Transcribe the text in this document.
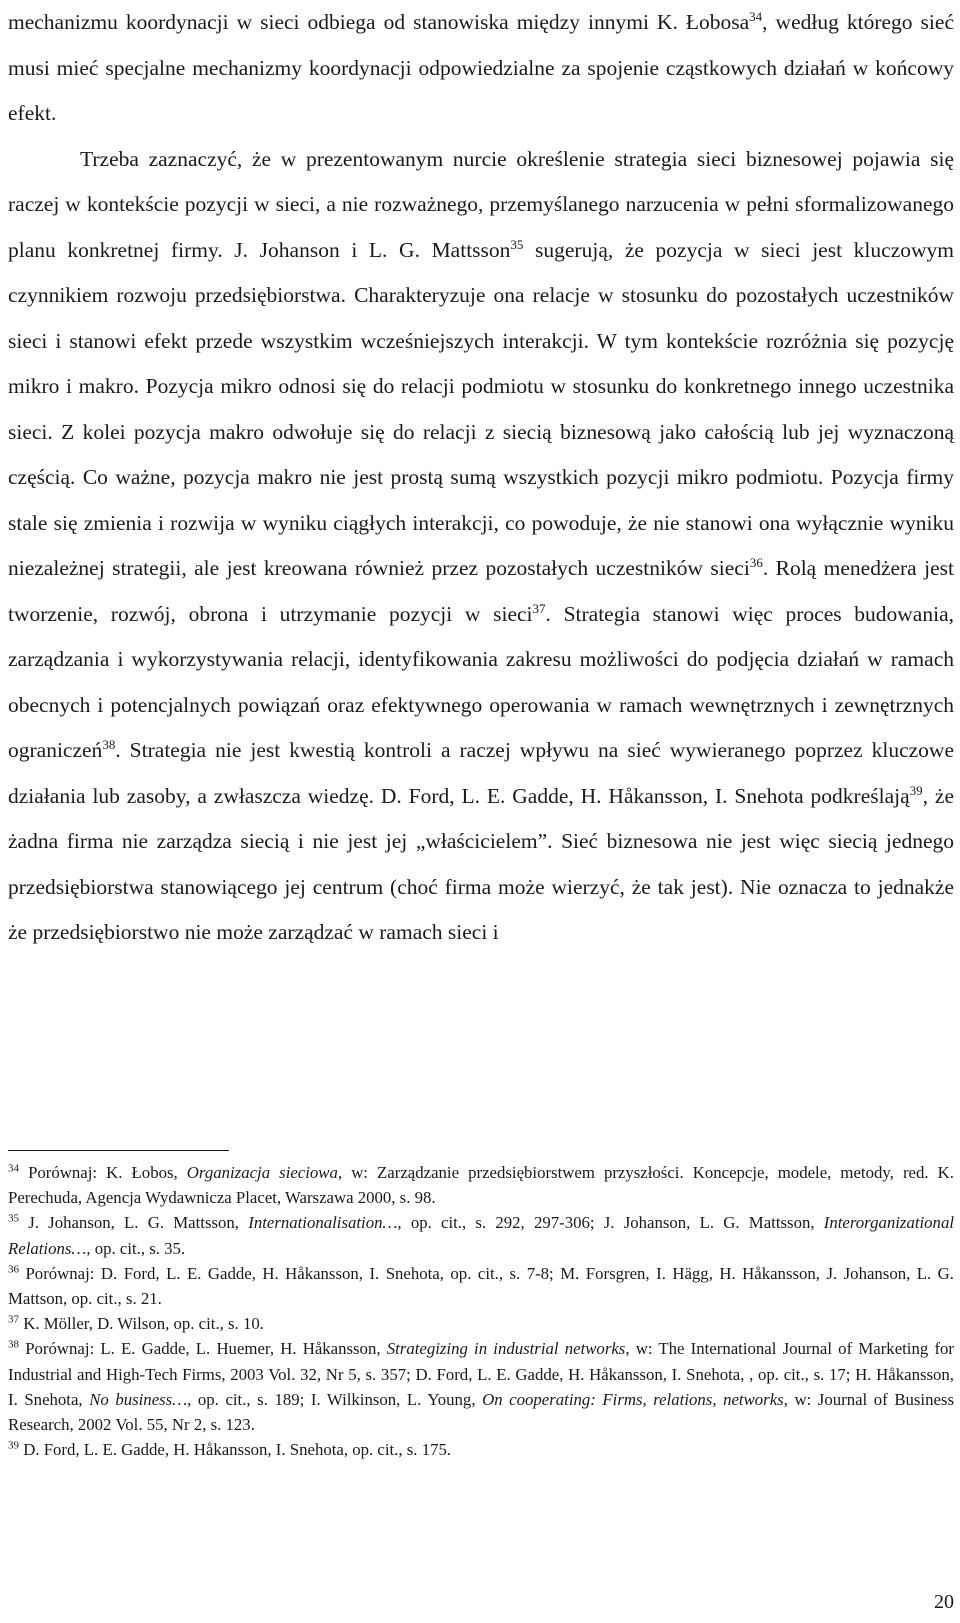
mechanizmu koordynacji w sieci odbiega od stanowiska między innymi K. Łobosa$^{34}$, według którego sieć musi mieć specjalne mechanizmy koordynacji odpowiedzialne za spojenie cząstkowych działań w końcowy efekt.

Trzeba zaznaczyć, że w prezentowanym nurcie określenie strategia sieci biznesowej pojawia się raczej w kontekście pozycji w sieci, a nie rozważnego, przemyślanego narzucenia w pełni sformalizowanego planu konkretnej firmy. J. Johanson i L. G. Mattsson$^{35}$ sugerują, że pozycja w sieci jest kluczowym czynnikiem rozwoju przedsiębiorstwa. Charakteryzuje ona relacje w stosunku do pozostałych uczestników sieci i stanowi efekt przede wszystkim wcześniejszych interakcji. W tym kontekście rozróżnia się pozycję mikro i makro. Pozycja mikro odnosi się do relacji podmiotu w stosunku do konkretnego innego uczestnika sieci. Z kolei pozycja makro odwołuje się do relacji z siecią biznesową jako całością lub jej wyznaczoną częścią. Co ważne, pozycja makro nie jest prostą sumą wszystkich pozycji mikro podmiotu. Pozycja firmy stale się zmienia i rozwija w wyniku ciągłych interakcji, co powoduje, że nie stanowi ona wyłącznie wyniku niezależnej strategii, ale jest kreowana również przez pozostałych uczestników sieci$^{36}$. Rolą menedżera jest tworzenie, rozwój, obrona i utrzymanie pozycji w sieci$^{37}$. Strategia stanowi więc proces budowania, zarządzania i wykorzystywania relacji, identyfikowania zakresu możliwości do podjęcia działań w ramach obecnych i potencjalnych powiązań oraz efektywnego operowania w ramach wewnętrznych i zewnętrznych ograniczeń$^{38}$. Strategia nie jest kwestią kontroli a raczej wpływu na sieć wywieranego poprzez kluczowe działania lub zasoby, a zwłaszcza wiedzę. D. Ford, L. E. Gadde, H. Håkansson, I. Snehota podkreślają$^{39}$, że żadna firma nie zarządza siecią i nie jest jej „właścicielem”. Sieć biznesowa nie jest więc siecią jednego przedsiębiorstwa stanowiącego jej centrum (choć firma może wierzyć, że tak jest). Nie oznacza to jednakże że przedsiębiorstwo nie może zarządzać w ramach sieci i

$^{34}$ Porównaj: K. Łobos, Organizacja sieciowa, w: Zarządzanie przedsiębiorstwem przyszłości. Koncepcje, modele, metody, red. K. Perechuda, Agencja Wydawnicza Placet, Warszawa 2000, s. 98.

$^{35}$ J. Johanson, L. G. Mattsson, Internationalisation…, op. cit., s. 292, 297-306; J. Johanson, L. G. Mattsson, Interorganizational Relations…, op. cit., s. 35.

$^{36}$ Porównaj: D. Ford, L. E. Gadde, H. Håkansson, I. Snehota, op. cit., s. 7-8; M. Forsgren, I. Hägg, H. Håkansson, J. Johanson, L. G. Mattson, op. cit., s. 21.

$^{37}$ K. Möller, D. Wilson, op. cit., s. 10.

$^{38}$ Porównaj: L. E. Gadde, L. Huemer, H. Håkansson, Strategizing in industrial networks, w: The International Journal of Marketing for Industrial and High-Tech Firms, 2003 Vol. 32, Nr 5, s. 357; D. Ford, L. E. Gadde, H. Håkansson, I. Snehota, , op. cit., s. 17; H. Håkansson, I. Snehota, No business…, op. cit., s. 189; I. Wilkinson, L. Young, On cooperating: Firms, relations, networks, w: Journal of Business Research, 2002 Vol. 55, Nr 2, s. 123.

$^{39}$ D. Ford, L. E. Gadde, H. Håkansson, I. Snehota, op. cit., s. 175.

20
